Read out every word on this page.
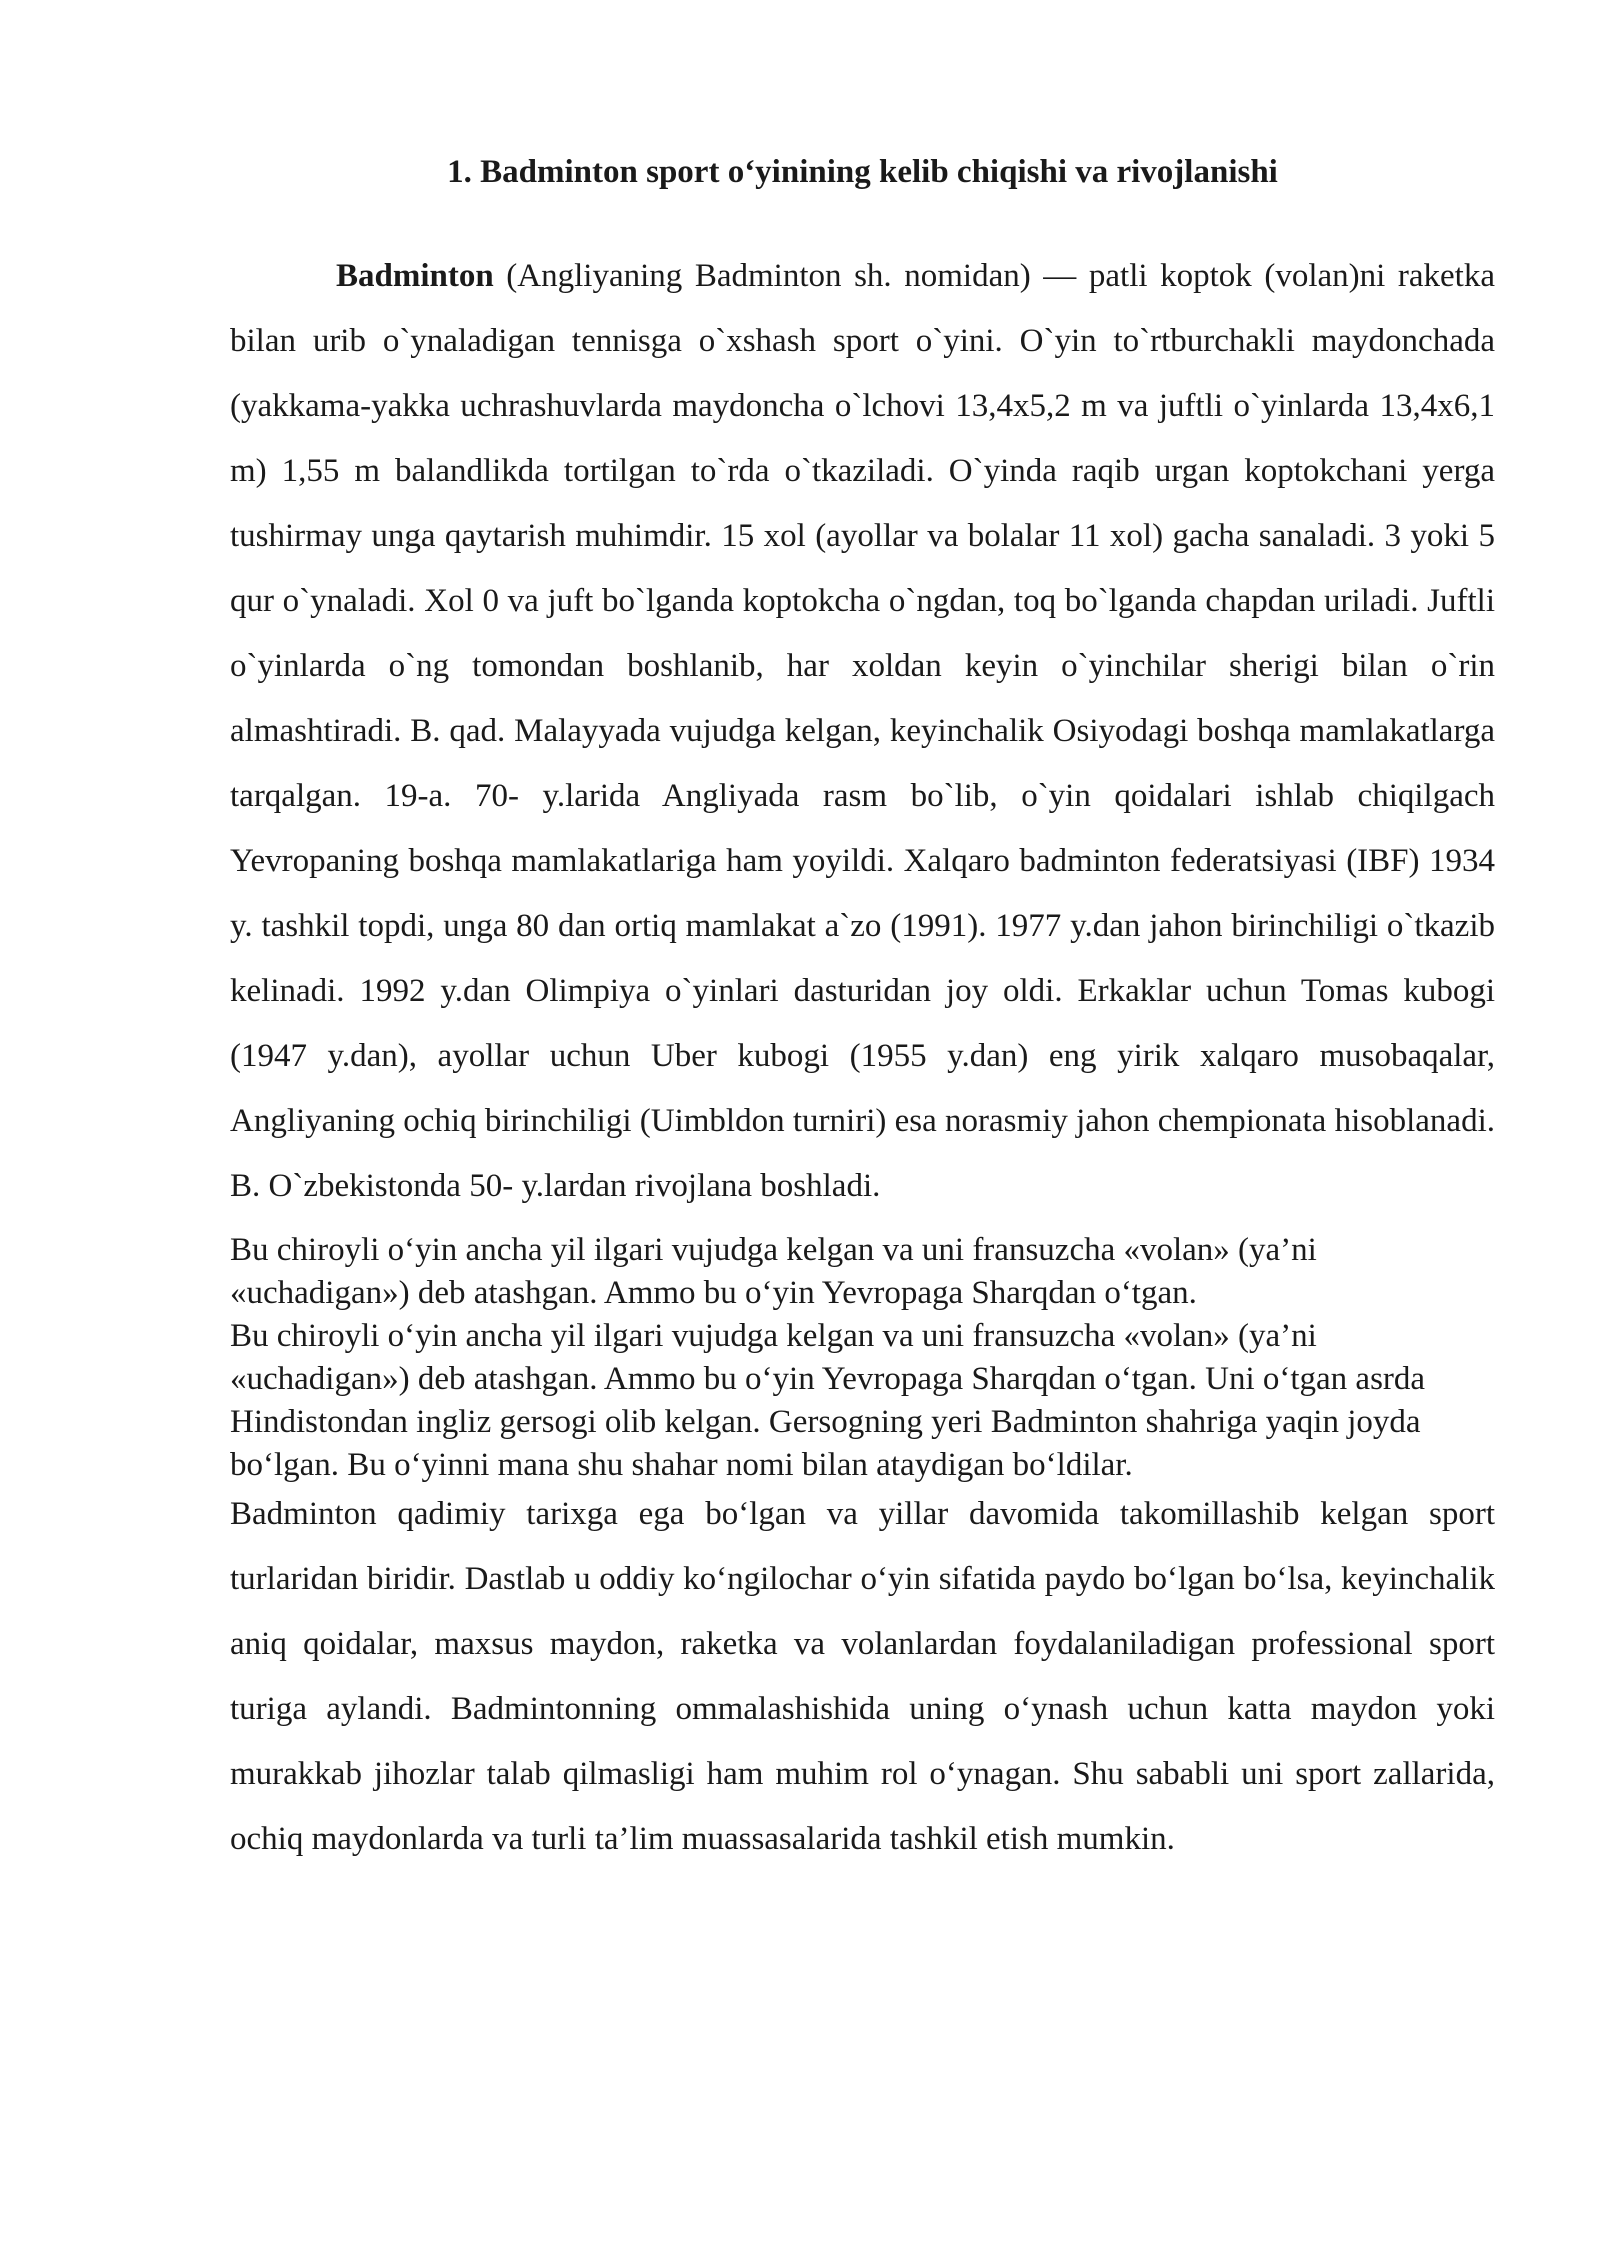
1. Badminton sport o‘yinining kelib chiqishi va rivojlanishi

Badminton (Angliyaning Badminton sh. nomidan) — patli koptok (volan)ni raketka bilan urib o`ynaladigan tennisga o`xshash sport o`yini. O`yin to`rtburchakli maydonchada (yakkama-yakka uchrashuvlarda maydoncha o`lchovi 13,4x5,2 m va juftli o`yinlarda 13,4x6,1 m) 1,55 m balandlikda tortilgan to`rda o`tkaziladi. O`yinda raqib urgan koptokchani yerga tushirmay unga qaytarish muhimdir. 15 xol (ayollar va bolalar 11 xol) gacha sanaladi. 3 yoki 5 qur o`ynaladi. Xol 0 va juft bo`lganda koptokcha o`ngdan, toq bo`lganda chapdan uriladi. Juftli o`yinlarda o`ng tomondan boshlanib, har xoldan keyin o`yinchilar sherigi bilan o`rin almashtiradi. B. qad. Malayyada vujudga kelgan, keyinchalik Osiyodagi boshqa mamlakatlarga tarqalgan. 19-a. 70- y.larida Angliyada rasm bo`lib, o`yin qoidalari ishlab chiqilgach Yevropaning boshqa mamlakatlariga ham yoyildi. Xalqaro badminton federatsiyasi (IBF) 1934 y. tashkil topdi, unga 80 dan ortiq mamlakat a`zo (1991). 1977 y.dan jahon birinchiligi o`tkazib kelinadi. 1992 y.dan Olimpiya o`yinlari dasturidan joy oldi. Erkaklar uchun Tomas kubogi (1947 y.dan), ayollar uchun Uber kubogi (1955 y.dan) eng yirik xalqaro musobaqalar, Angliyaning ochiq birinchiligi (Uimbldon turniri) esa norasmiy jahon chempionata hisoblanadi. B. O`zbekistonda 50- y.lardan rivojlana boshladi.

Bu chiroyli o‘yin ancha yil ilgari vujudga kelgan va uni fransuzcha «volan» (ya’ni «uchadigan») deb atashgan. Ammo bu o‘yin Yevropaga Sharqdan o‘tgan.

Bu chiroyli o‘yin ancha yil ilgari vujudga kelgan va uni fransuzcha «volan» (ya’ni «uchadigan») deb atashgan. Ammo bu o‘yin Yevropaga Sharqdan o‘tgan. Uni o‘tgan asrda Hindistondan ingliz gersogi olib kelgan. Gersogning yeri Badminton shahriga yaqin joyda bo‘lgan. Bu o‘yinni mana shu shahar nomi bilan ataydigan bo‘ldilar.

Badminton qadimiy tarixga ega bo‘lgan va yillar davomida takomillashib kelgan sport turlaridan biridir. Dastlab u oddiy ko‘ngilochar o‘yin sifatida paydo bo‘lgan bo‘lsa, keyinchalik aniq qoidalar, maxsus maydon, raketka va volanlardan foydalaniladigan professional sport turiga aylandi. Badmintonning ommalashishida uning o‘ynash uchun katta maydon yoki murakkab jihozlar talab qilmasligi ham muhim rol o‘ynagan. Shu sababli uni sport zallarida, ochiq maydonlarda va turli ta’lim muassasalarida tashkil etish mumkin.
